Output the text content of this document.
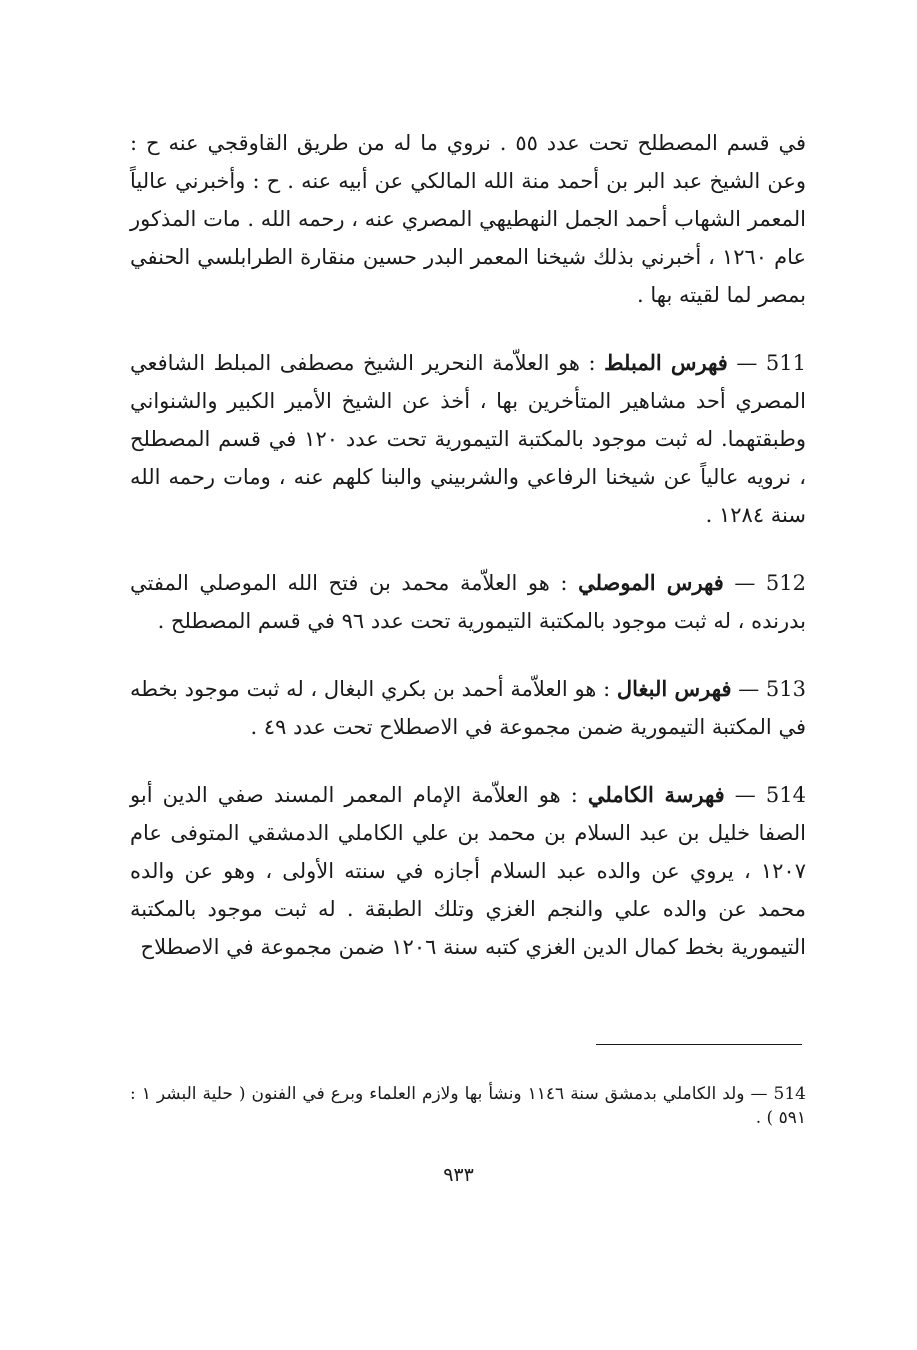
في قسم المصطلح تحت عدد ٥٥ . نروي ما له من طريق القاوقجي عنه ح : وعن الشيخ عبد البر بن أحمد منة الله المالكي عن أبيه عنه . ح : وأخبرني عالياً المعمر الشهاب أحمد الجمل النهطيهي المصري عنه ، رحمه الله . مات المذكور عام ١٢٦٠ ، أخبرني بذلك شيخنا المعمر البدر حسين منقارة الطرابلسي الحنفي بمصر لما لقيته بها .

511 — فهرس المبلط : هو العلاّمة النحرير الشيخ مصطفى المبلط الشافعي المصري أحد مشاهير المتأخرين بها ، أخذ عن الشيخ الأمير الكبير والشنواني وطبقتهما. له ثبت موجود بالمكتبة التيمورية تحت عدد ١٢٠ في قسم المصطلح ، نرويه عالياً عن شيخنا الرفاعي والشربيني والبنا كلهم عنه ، ومات رحمه الله سنة ١٢٨٤ .

512 — فهرس الموصلي : هو العلاّمة محمد بن فتح الله الموصلي المفتي بدرنده ، له ثبت موجود بالمكتبة التيمورية تحت عدد ٩٦ في قسم المصطلح .

513 — فهرس البغال : هو العلاّمة أحمد بن بكري البغال ، له ثبت موجود بخطه في المكتبة التيمورية ضمن مجموعة في الاصطلاح تحت عدد ٤٩ .

514 — فهرسة الكاملي : هو العلاّمة الإمام المعمر المسند صفي الدين أبو الصفا خليل بن عبد السلام بن محمد بن علي الكاملي الدمشقي المتوفى عام ١٢٠٧ ، يروي عن والده عبد السلام أجازه في سنته الأولى ، وهو عن والده محمد عن والده علي والنجم الغزي وتلك الطبقة . له ثبت موجود بالمكتبة التيمورية بخط كمال الدين الغزي كتبه سنة ١٢٠٦ ضمن مجموعة في الاصطلاح

514 — ولد الكاملي بدمشق سنة ١١٤٦ ونشأ بها ولازم العلماء وبرع في الفنون ( حلية البشر ١ : ٥٩١ ) .

٩٣٣
